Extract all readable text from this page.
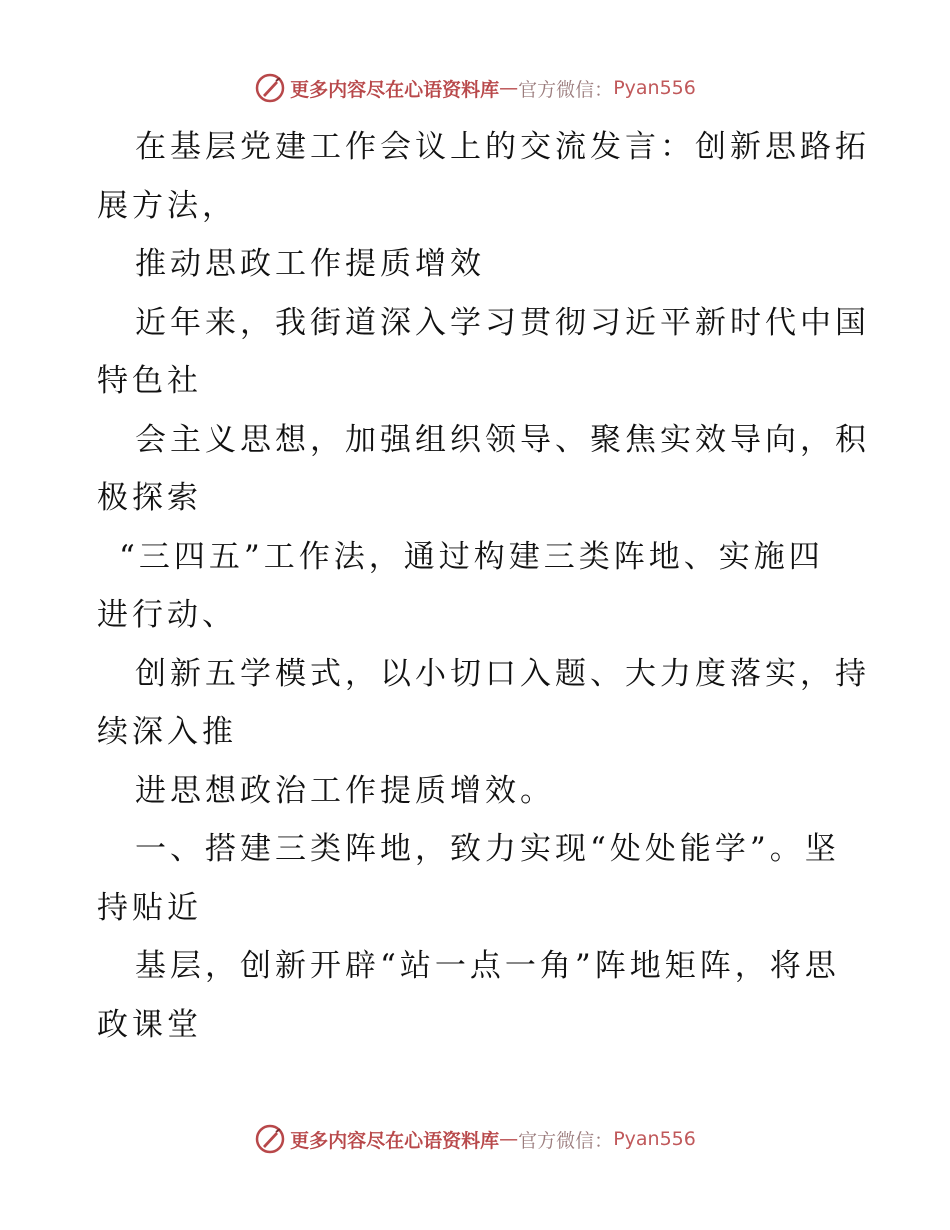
更多内容尽在心语资料库 — 官方微信： Pyan556
在基层党建工作会议上的交流发言：创新思路拓
展方法，
推动思政工作提质增效
近年来，我街道深入学习贯彻习近平新时代中国
特色社
会主义思想，加强组织领导、聚焦实效导向，积
极探索
“三四五”工作法，通过构建三类阵地、实施四
进行动、
创新五学模式，以小切口入题、大力度落实，持
续深入推
进思想政治工作提质增效。
一、搭建三类阵地，致力实现“处处能学”。坚
持贴近
基层，创新开辟“站一点一角”阵地矩阵，将思
政课堂
更多内容尽在心语资料库 — 官方微信： Pyan556
